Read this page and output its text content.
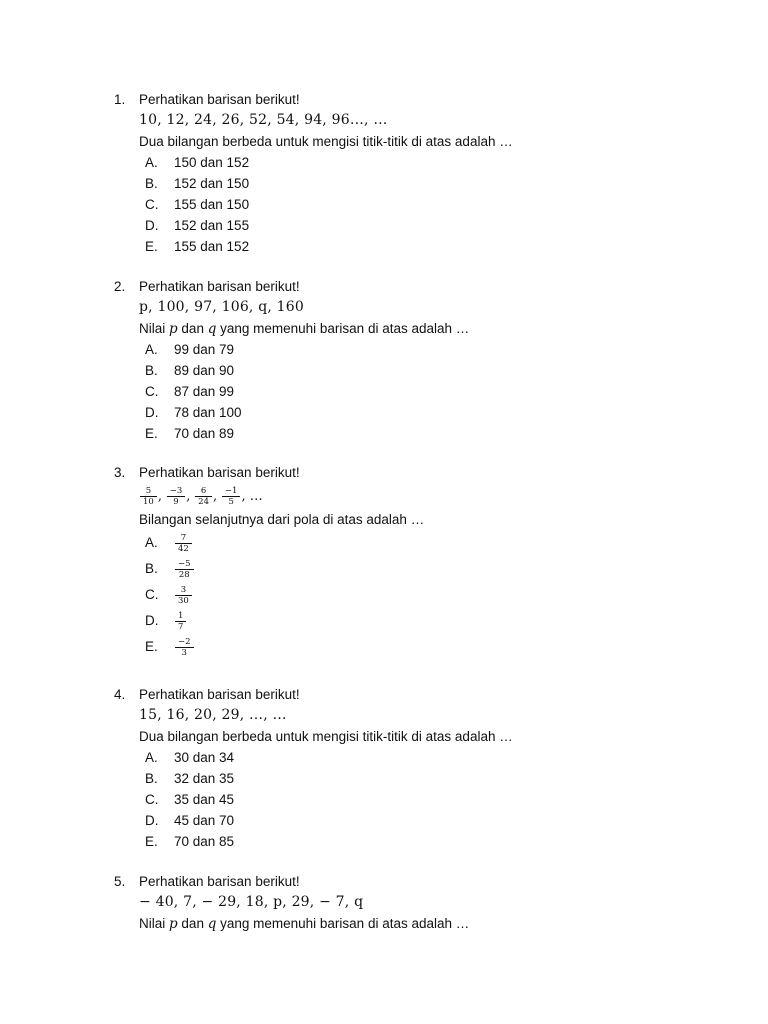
1.	Perhatikan barisan berikut!
10, 12, 24, 26, 52, 54, 94, 96…, …
Dua bilangan berbeda untuk mengisi titik-titik di atas adalah …
A.	150 dan 152
B.	152 dan 150
C.	155 dan 150
D.	152 dan 155
E.	155 dan 152
2.	Perhatikan barisan berikut!
p, 100, 97, 106, q, 160
Nilai p dan q yang memenuhi barisan di atas adalah …
A.	99 dan 79
B.	89 dan 90
C.	87 dan 99
D.	78 dan 100
E.	70 dan 89
3.	Perhatikan barisan berikut!
$\frac{5}{10}$ , $\frac{-3}{9}$ , $\frac{6}{24}$ , $\frac{-1}{5}$ , …
Bilangan selanjutnya dari pola di atas adalah …
A. $\frac{7}{42}$
B. $\frac{-5}{28}$
C. $\frac{3}{30}$
D. $\frac{1}{7}$
E. $\frac{-2}{3}$
4.	Perhatikan barisan berikut!
15, 16, 20, 29, …, …
Dua bilangan berbeda untuk mengisi titik-titik di atas adalah …
A.	30 dan 34
B.	32 dan 35
C.	35 dan 45
D.	45 dan 70
E.	70 dan 85
5.	Perhatikan barisan berikut!
− 40, 7, − 29, 18, p, 29, − 7, q
Nilai p dan q yang memenuhi barisan di atas adalah …
